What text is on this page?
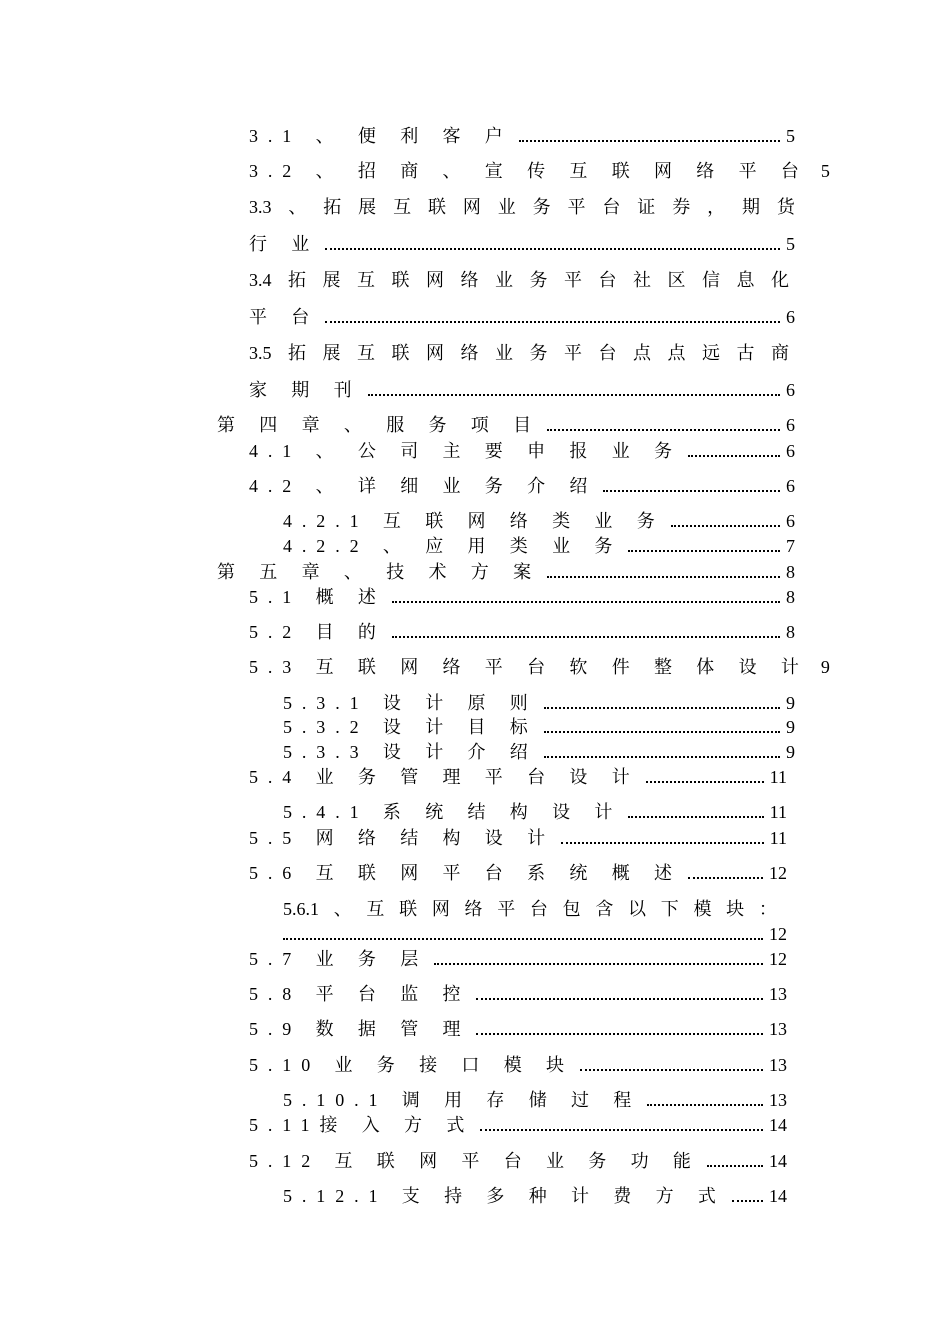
3.1 、 便 利 客 户	5
3.2 、 招 商 、 宣 传 互 联 网 络 平 台 5
3.3 、 拓 展 互 联 网 业 务 平 台 证 券 ， 期 货
行 业	5
3.4 拓 展 互 联 网 络 业 务 平 台 社 区 信 息 化
平 台	6
3.5 拓 展 互 联 网 络 业 务 平 台 点 点 远 古 商
家 期 刊	6
第 四 章 、 服 务 项 目	6
4.1 、 公 司 主 要 申 报 业 务	6
4.2 、 详 细 业 务 介 绍	6
4.2.1 互 联 网 络 类 业 务	6
4.2.2 、 应 用 类 业 务	7
第 五 章 、 技 术 方 案	8
5.1 概 述	8
5.2 目 的	8
5.3 互 联 网 络 平 台 软 件 整 体 设 计 9
5.3.1 设 计 原 则	9
5.3.2 设 计 目 标	9
5.3.3 设 计 介 绍	9
5.4 业 务 管 理 平 台 设 计	11
5.4.1 系 统 结 构 设 计	11
5.5 网 络 结 构 设 计	11
5.6 互 联 网 平 台 系 统 概 述	12
5.6.1 、 互 联 网 络 平 台 包 含 以 下 模 块 ：
12
5.7 业 务 层	12
5.8 平 台 监 控	13
5.9 数 据 管 理	13
5.10 业 务 接 口 模 块	13
5.10.1 调 用 存 储 过 程	13
5.11接 入 方 式	14
5.12 互 联 网 平 台 业 务 功 能	14
5.12.1 支 持 多 种 计 费 方 式 14
